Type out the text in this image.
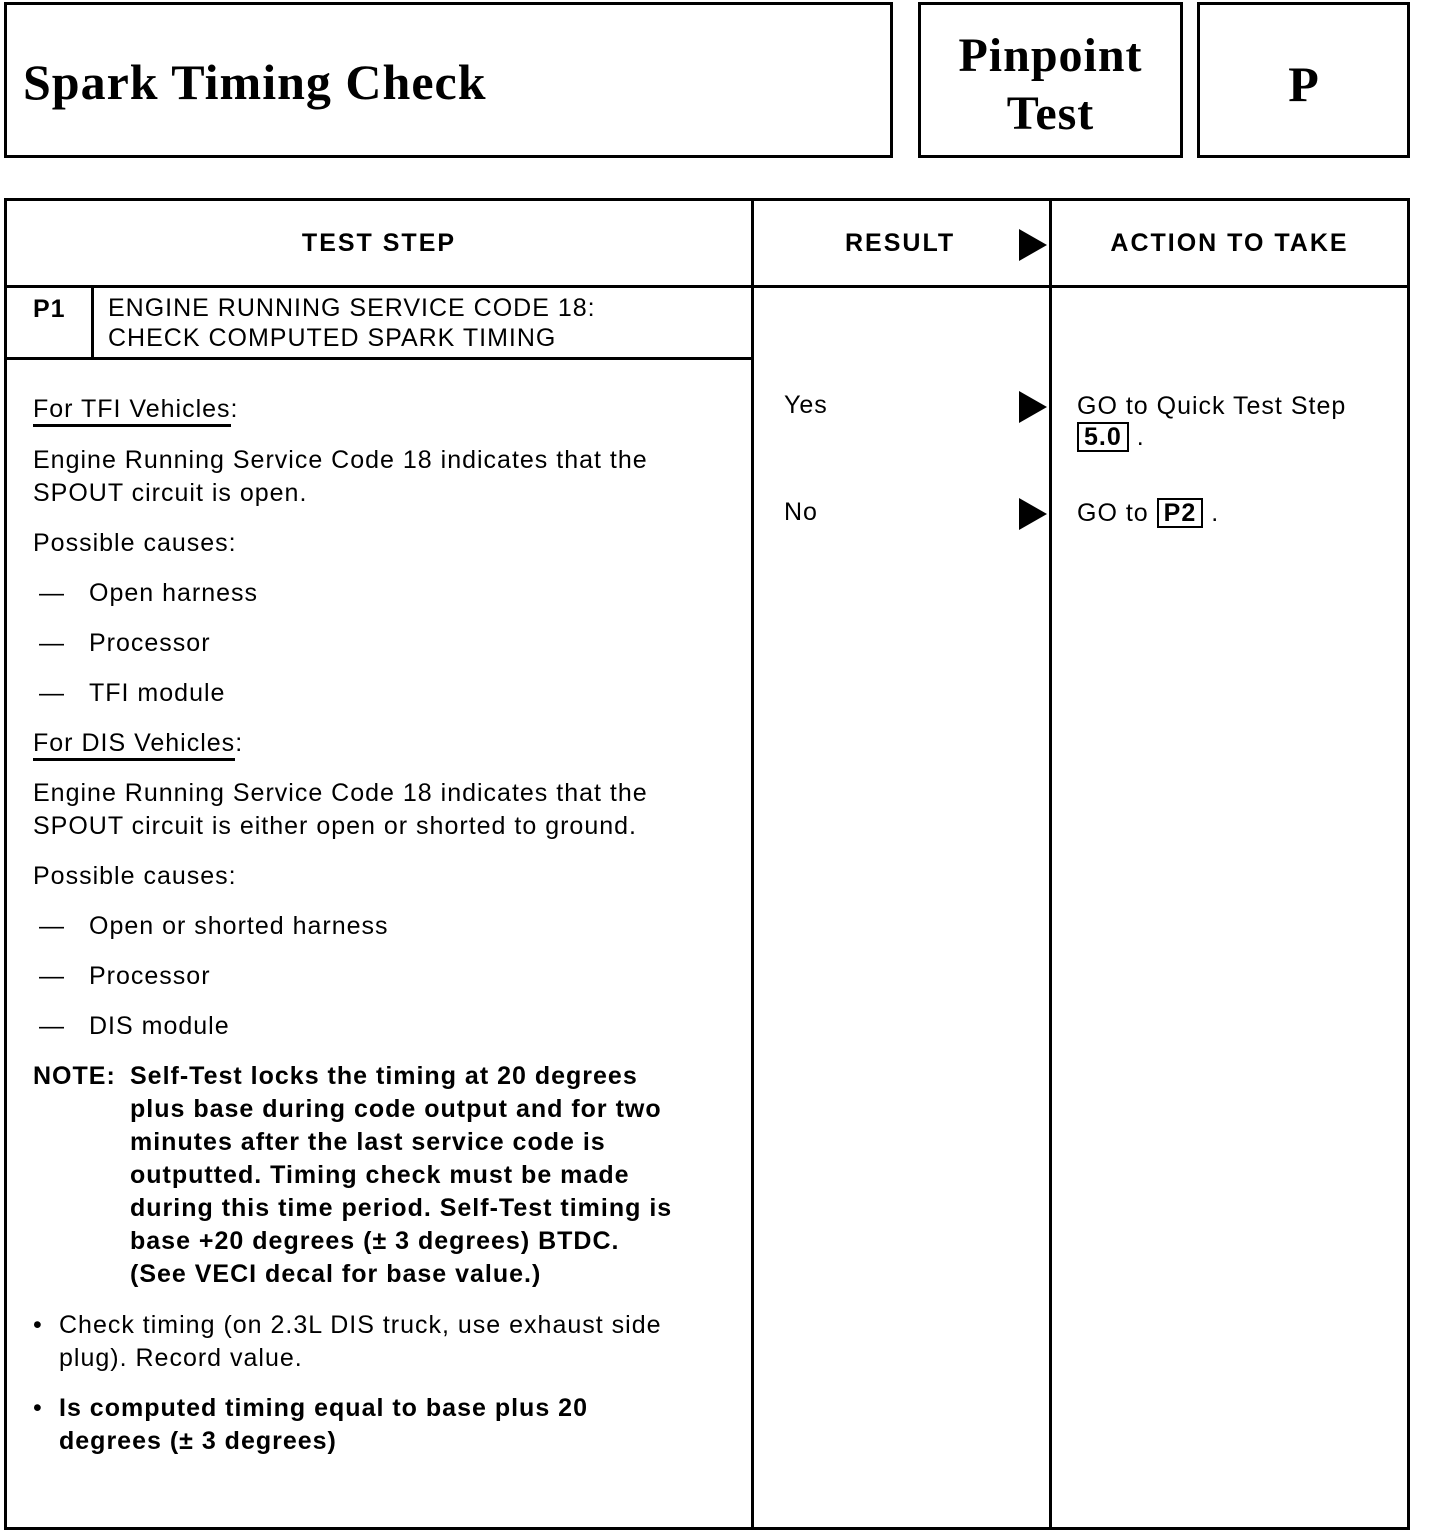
Spark Timing Check	Pinpoint
Test
P
TEST STEP	RESULT	ACTION TO TAKE
P1 ENGINE RUNNING SERVICE CODE 18:
CHECK COMPUTED SPARK TIMING
For TFI Vehicles:
Engine Running Service Code 18 indicates that the
SPOUT circuit is open.
Possible causes:
— Open harness
— Processor
— TFI module
For DIS Vehicles:
Engine Running Service Code 18 indicates that the
SPOUT circuit is either open or shorted to ground.
Possible causes:
— Open or shorted harness
— Processor
— DIS module
NOTE: Self-Test locks the timing at 20 degrees
plus base during code output and for two
minutes after the last service code is
outputted. Timing check must be made
during this time period. Self-Test timing is
base +20 degrees (± 3 degrees) BTDC.
(See VECI decal for base value.)
• Check timing (on 2.3L DIS truck, use exhaust side
plug). Record value.
• Is computed timing equal to base plus 20
degrees (± 3 degrees)
Yes	GO to Quick Test Step
5.0 .
No	GO to P2 .
